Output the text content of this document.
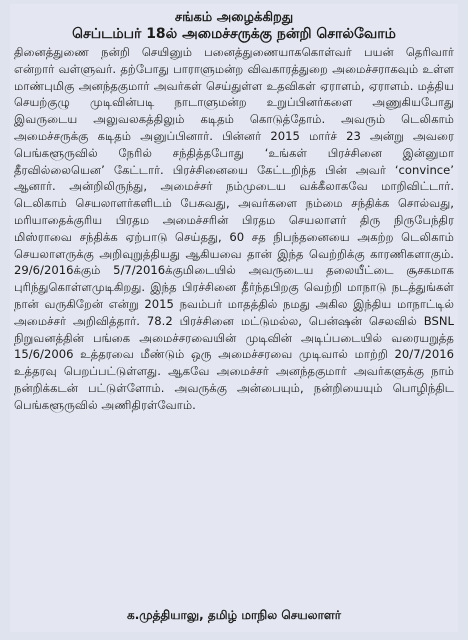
சங்கம் அழைக்கிறது
செப்டம்பர் 18ல் அமைச்சருக்கு நன்றி சொல்வோம்
தினைத்துணை நன்றி செயினும் பனைத்துணையாககொள்வர் பயன் தெரிவார் என்றார் வள்ளுவர். தற்போது பாராளுமன்ற விவகாரத்துறை அமைச்சராகவும் உள்ள மாண்புமிகு அனந்தகுமார் அவர்கள் செய்துள்ள உதவிகள் ஏராளம், ஏராளம். மத்திய செயற்குழு முடிவின்படி நாடாளுமன்ற உறுப்பினர்களை அணுகியபோது இவருடைய அலுவலகத்திலும் கடிதம் கொடுத்தோம். அவரும் டெலிகாம் அமைச்சருக்கு கடிதம் அனுப்பினார். பின்னர் 2015 மார்ச் 23 அன்று அவரை பெங்களூருவில் நேரில் சந்தித்தபோது ‘உங்கள் பிரச்சினை இன்னுமா தீரவில்லையென’ கேட்டார். பிரச்சினையை கேட்டறிந்த பின் அவர் ‘convince’ ஆனார். அன்றிலிருந்து, அமைச்சர் நம்முடைய வக்கீலாகவே மாறிவிட்டார். டெலிகாம் செயலாளர்களிடம் பேசுவது, அவர்களை நம்மை சந்திக்க சொல்வது, மரியாதைக்குரிய பிரதம அமைச்சரின் பிரதம செயலாளர் திரு நிருபேந்திர மிஸ்ராவை சந்திக்க ஏற்பாடு செய்தது, 60 சத நிபந்தனையை அகற்ற டெலிகாம் செயலாளருக்கு அறிவுறுத்தியது ஆகியவை தான் இந்த வெற்றிக்கு காரணிகளாகும். 29/6/2016க்கும் 5/7/2016க்குமிடையில் அவருடைய தலையீட்டை சூசகமாக புரிந்துகொள்ளமுடிகிறது. இந்த பிரச்சினை தீர்ந்தபிறகு வெற்றி மாநாடு நடத்துங்கள் நான் வருகிறேன் என்று 2015 நவம்பர் மாதத்தில் நமது அகில இந்திய மாநாட்டில் அமைச்சர் அறிவித்தார். 78.2 பிரச்சினை மட்டுமல்ல, பென்ஷன் செலவில் BSNL நிறுவனத்தின் பங்கை அமைச்சரவையின் முடிவின் அடிப்படையில் வரையறுத்த 15/6/2006 உத்தரவை மீண்டும் ஒரு அமைச்சரவை முடிவால் மாற்றி 20/7/2016 உத்தரவு பெறப்பட்டுள்ளது. ஆகவே அமைச்சர் அனந்தகுமார் அவர்களுக்கு நாம் நன்றிக்கடன் பட்டுள்ளோம். அவருக்கு அன்பையும், நன்றியையும் பொழிந்திட பெங்களூருவில் அணிதிரள்வோம்.
க.முத்தியாலு, தமிழ் மாநில செயலாளர்
